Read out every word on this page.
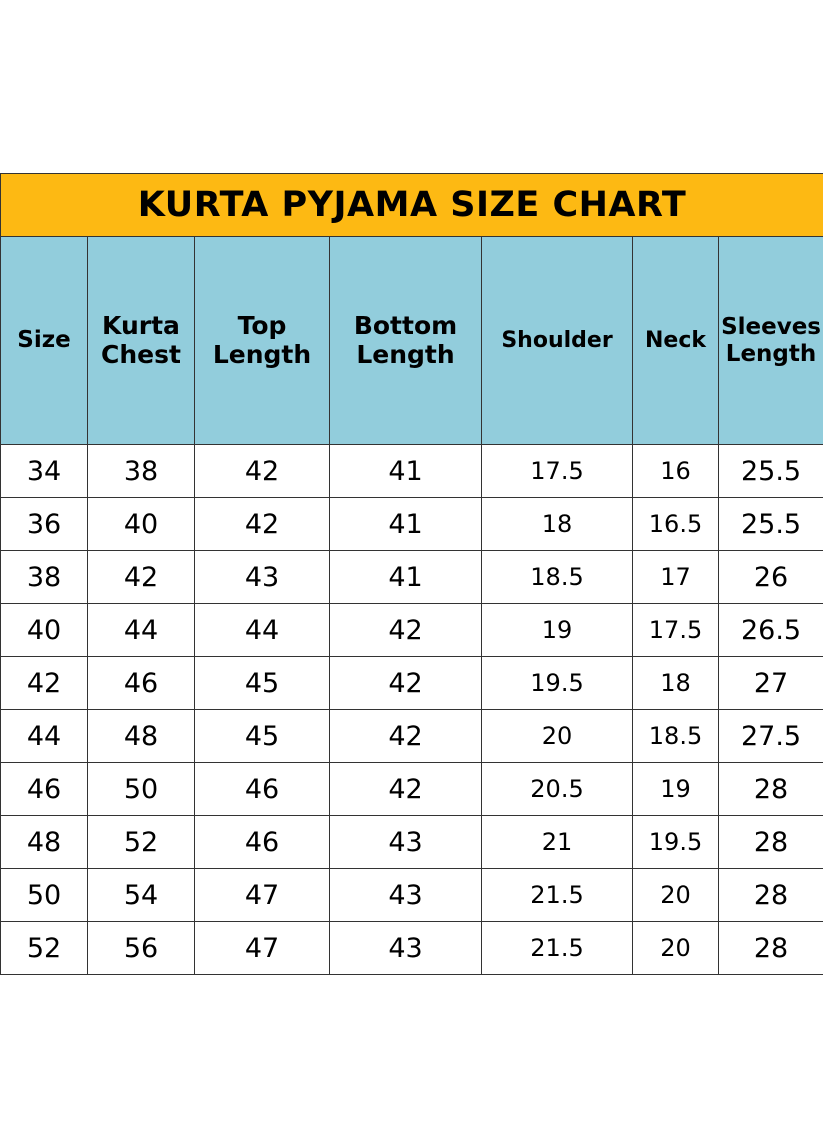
KURTA PYJAMA SIZE CHART						
Size	Kurta Chest	Top Length	Bottom Length	Shoulder	Neck	Sleeves Length
34	38	42	41	17.5	16	25.5
36	40	42	41	18	16.5	25.5
38	42	43	41	18.5	17	26
40	44	44	42	19	17.5	26.5
42	46	45	42	19.5	18	27
44	48	45	42	20	18.5	27.5
46	50	46	42	20.5	19	28
48	52	46	43	21	19.5	28
50	54	47	43	21.5	20	28
52	56	47	43	21.5	20	28
